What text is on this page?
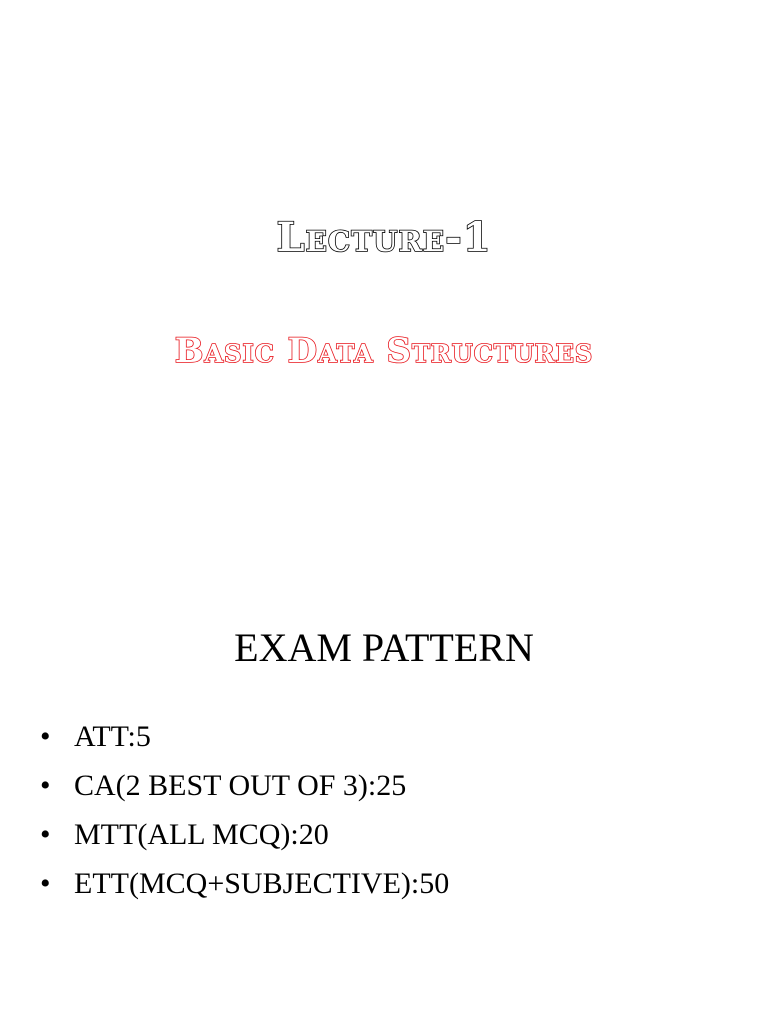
Lecture-1
Basic Data Structures
EXAM PATTERN
• ATT:5
• CA(2 BEST OUT OF 3):25
• MTT(ALL MCQ):20
• ETT(MCQ+SUBJECTIVE):50
